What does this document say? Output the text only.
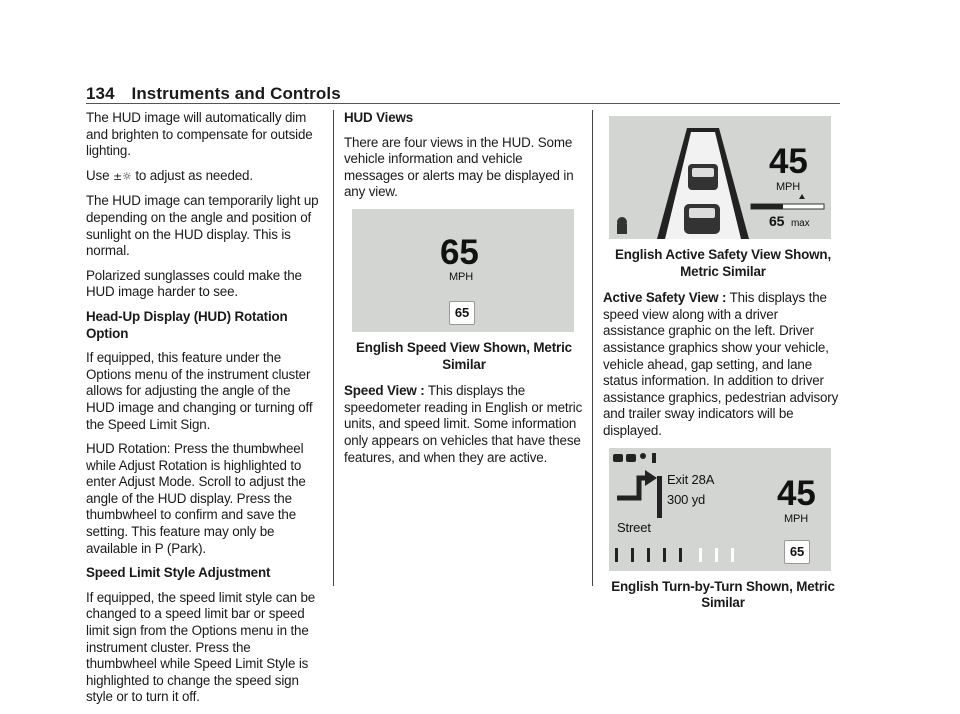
134 Instruments and Controls

The HUD image will automatically dim and brighten to compensate for outside lighting.

Use ±☼ to adjust as needed.

The HUD image can temporarily light up depending on the angle and position of sunlight on the HUD display. This is normal.

Polarized sunglasses could make the HUD image harder to see.

Head-Up Display (HUD) Rotation Option

If equipped, this feature under the Options menu of the instrument cluster allows for adjusting the angle of the HUD image and changing or turning off the Speed Limit Sign.

HUD Rotation: Press the thumbwheel while Adjust Rotation is highlighted to enter Adjust Mode. Scroll to adjust the angle of the HUD display. Press the thumbwheel to confirm and save the setting. This feature may only be available in P (Park).

Speed Limit Style Adjustment

If equipped, the speed limit style can be changed to a speed limit bar or speed limit sign from the Options menu in the instrument cluster. Press the thumbwheel while Speed Limit Style is highlighted to change the speed sign style or to turn it off.

HUD Views

There are four views in the HUD. Some vehicle information and vehicle messages or alerts may be displayed in any view.

65
MPH
65

English Speed View Shown, Metric Similar

Speed View : This displays the speedometer reading in English or metric units, and speed limit. Some information only appears on vehicles that have these features, and when they are active.

45
MPH
65 max

English Active Safety View Shown, Metric Similar

Active Safety View : This displays the speed view along with a driver assistance graphic on the left. Driver assistance graphics show your vehicle, vehicle ahead, gap setting, and lane status information. In addition to driver assistance graphics, pedestrian advisory and trailer sway indicators will be displayed.

Exit 28A
300 yd
Street
45
MPH
65

English Turn-by-Turn Shown, Metric Similar
